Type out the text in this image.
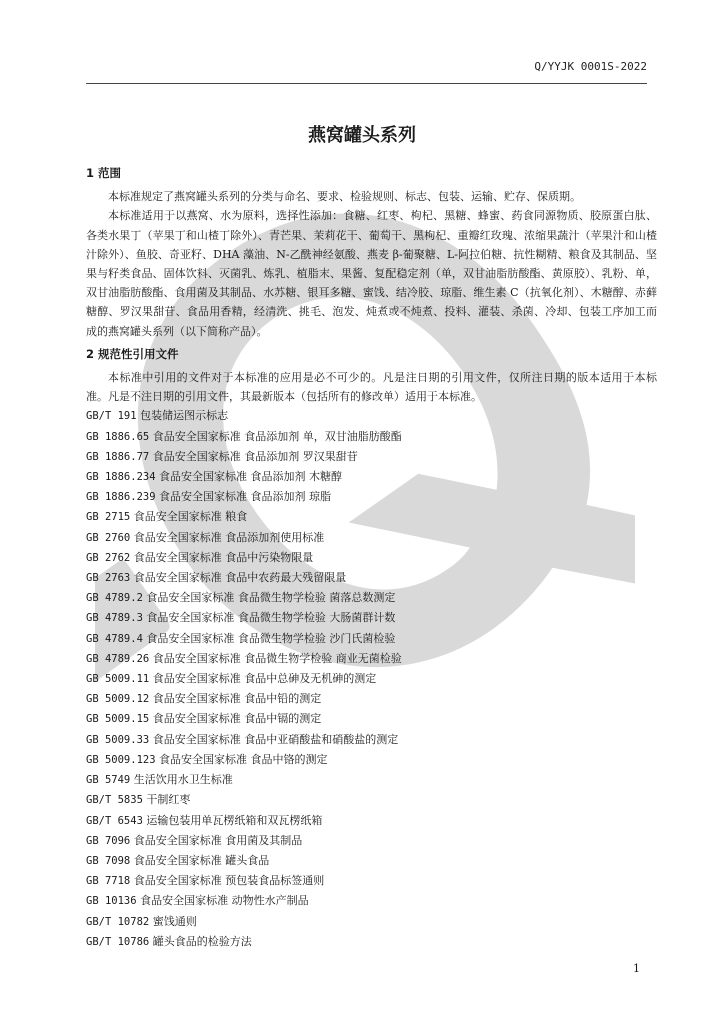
Q/YYJK 0001S-2022
燕窝罐头系列
1 范围

本标准规定了燕窝罐头系列的分类与命名、要求、检验规则、标志、包装、运输、贮存、保质期。

本标准适用于以燕窝、水为原料，选择性添加：食糖、红枣、枸杞、黑糖、蜂蜜、药食同源物质、胶原蛋白肽、各类水果丁（苹果丁和山楂丁除外）、青芒果、茉莉花干、葡萄干、黑枸杞、重瓣红玫瑰、浓缩果蔬汁（苹果汁和山楂汁除外）、鱼胶、奇亚籽、DHA 藻油、N-乙酰神经氨酸、燕麦 β-葡聚糖、L-阿拉伯糖、抗性糊精、粮食及其制品、坚果与籽类食品、固体饮料、灭菌乳、炼乳、植脂末、果酱、复配稳定剂（单，双甘油脂肪酸酯、黄原胶）、乳粉、单，双甘油脂肪酸酯、食用菌及其制品、水苏糖、银耳多糖、蜜饯、结冷胶、琼脂、维生素 C（抗氧化剂）、木糖醇、赤藓糖醇、罗汉果甜苷、食品用香精，经清洗、挑毛、泡发、炖煮或不炖煮、投料、灌装、杀菌、冷却、包装工序加工而成的燕窝罐头系列（以下简称产品）。

2 规范性引用文件

本标准中引用的文件对于本标准的应用是必不可少的。凡是注日期的引用文件，仅所注日期的版本适用于本标准。凡是不注日期的引用文件，其最新版本（包括所有的修改单）适用于本标准。

GB/T 191 包装储运图示标志
GB 1886.65 食品安全国家标准 食品添加剂 单，双甘油脂肪酸酯
GB 1886.77 食品安全国家标准 食品添加剂 罗汉果甜苷
GB 1886.234 食品安全国家标准 食品添加剂 木糖醇
GB 1886.239 食品安全国家标准 食品添加剂 琼脂
GB 2715 食品安全国家标准 粮食
GB 2760 食品安全国家标准 食品添加剂使用标准
GB 2762 食品安全国家标准 食品中污染物限量
GB 2763 食品安全国家标准 食品中农药最大残留限量
GB 4789.2 食品安全国家标准 食品微生物学检验 菌落总数测定
GB 4789.3 食品安全国家标准 食品微生物学检验 大肠菌群计数
GB 4789.4 食品安全国家标准 食品微生物学检验 沙门氏菌检验
GB 4789.26 食品安全国家标准 食品微生物学检验 商业无菌检验
GB 5009.11 食品安全国家标准 食品中总砷及无机砷的测定
GB 5009.12 食品安全国家标准 食品中铅的测定
GB 5009.15 食品安全国家标准 食品中镉的测定
GB 5009.33 食品安全国家标准 食品中亚硝酸盐和硝酸盐的测定
GB 5009.123 食品安全国家标准 食品中铬的测定
GB 5749 生活饮用水卫生标准
GB/T 5835 干制红枣
GB/T 6543 运输包装用单瓦楞纸箱和双瓦楞纸箱
GB 7096 食品安全国家标准 食用菌及其制品
GB 7098 食品安全国家标准 罐头食品
GB 7718 食品安全国家标准 预包装食品标签通则
GB 10136 食品安全国家标准 动物性水产制品
GB/T 10782 蜜饯通则
GB/T 10786 罐头食品的检验方法
1
